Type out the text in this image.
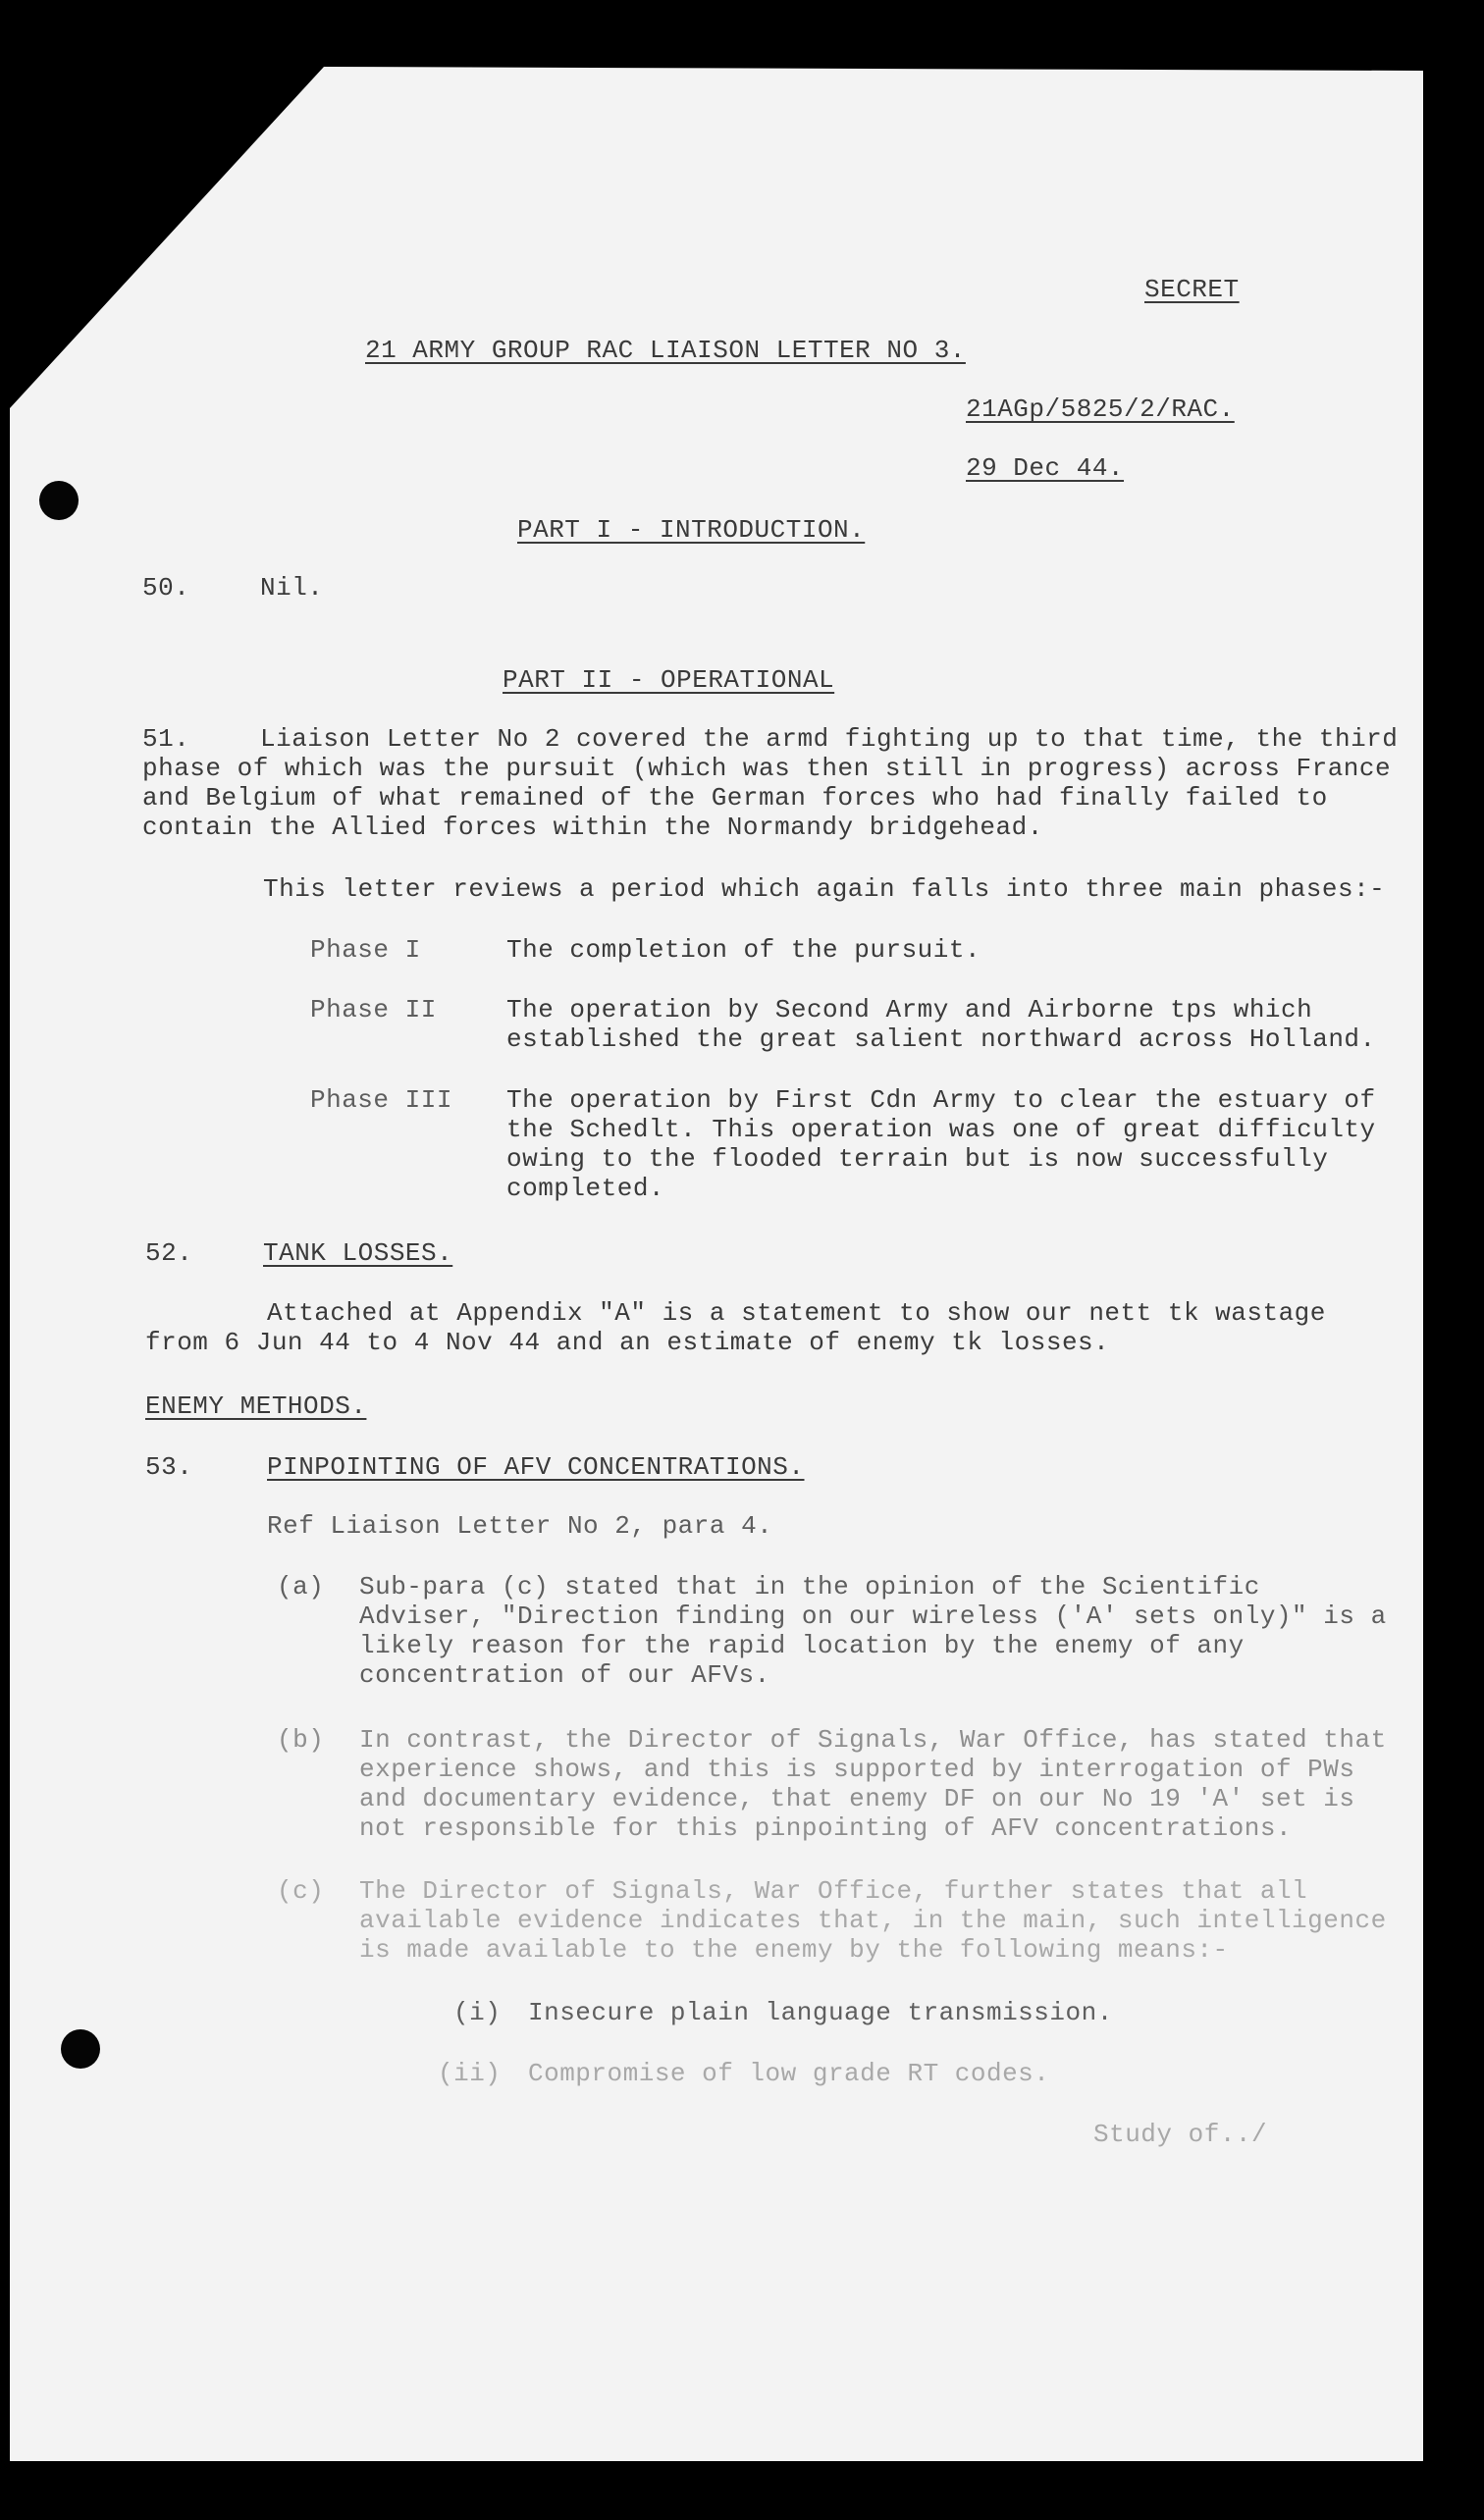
SECRET
21 ARMY GROUP RAC LIAISON LETTER NO 3.
21AGp/5825/2/RAC.
29 Dec 44.
PART I - INTRODUCTION.
50.	Nil.
PART II - OPERATIONAL
51.	Liaison Letter No 2 covered the armd fighting up to that time, the third
phase of which was the pursuit (which was then still in progress) across France
and Belgium of what remained of the German forces who had finally failed to
contain the Allied forces within the Normandy bridgehead.
This letter reviews a period which again falls into three main phases:-
Phase I	The completion of the pursuit.
Phase II	The operation by Second Army and Airborne tps which
established the great salient northward across Holland.
Phase III The operation by First Cdn Army to clear the estuary of
the Schedlt. This operation was one of great difficulty
owing to the flooded terrain but is now successfully
completed.
52.	TANK LOSSES.
Attached at Appendix "A" is a statement to show our nett tk wastage
from 6 Jun 44 to 4 Nov 44 and an estimate of enemy tk losses.
ENEMY METHODS.
53.	PINPOINTING OF AFV CONCENTRATIONS.
Ref Liaison Letter No 2, para 4.
(a) Sub-para (c) stated that in the opinion of the Scientific
Adviser, "Direction finding on our wireless ('A' sets only)" is a
likely reason for the rapid location by the enemy of any
concentration of our AFVs.
(b) In contrast, the Director of Signals, War Office, has stated that
experience shows, and this is supported by interrogation of PWs
and documentary evidence, that enemy DF on our No 19 'A' set is
not responsible for this pinpointing of AFV concentrations.
(c) The Director of Signals, War Office, further states that all
available evidence indicates that, in the main, such intelligence
is made available to the enemy by the following means:-
(i) Insecure plain language transmission.
(ii) Compromise of low grade RT codes.
Study of../
